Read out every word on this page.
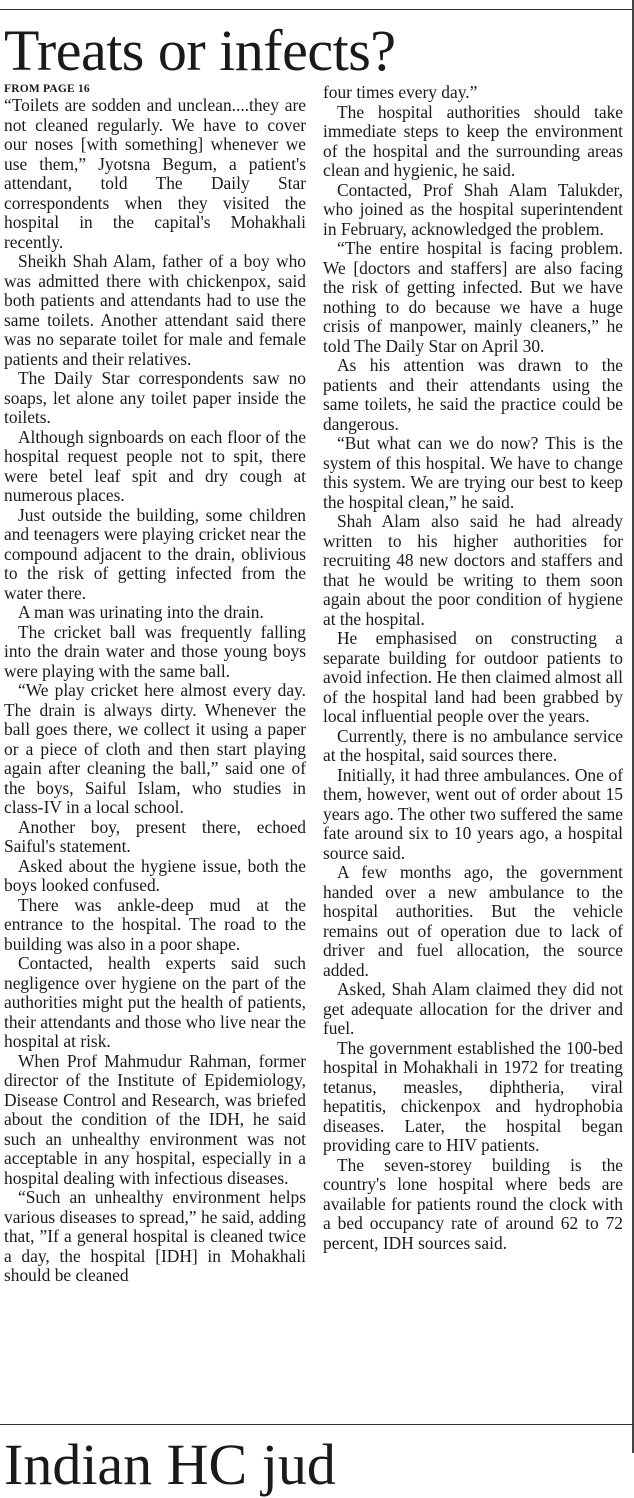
Treats or infects?
FROM PAGE 16

“Toilets are sodden and unclean....they are not cleaned regularly. We have to cover our noses [with something] whenever we use them,” Jyotsna Begum, a patient's attendant, told The Daily Star correspondents when they visited the hospital in the capital's Mohakhali recently.

Sheikh Shah Alam, father of a boy who was admitted there with chickenpox, said both patients and attendants had to use the same toilets. Another attendant said there was no separate toilet for male and female patients and their relatives.

The Daily Star correspondents saw no soaps, let alone any toilet paper inside the toilets.

Although signboards on each floor of the hospital request people not to spit, there were betel leaf spit and dry cough at numerous places.

Just outside the building, some children and teenagers were playing cricket near the compound adjacent to the drain, oblivious to the risk of getting infected from the water there.

A man was urinating into the drain.

The cricket ball was frequently falling into the drain water and those young boys were playing with the same ball.

“We play cricket here almost every day. The drain is always dirty. Whenever the ball goes there, we collect it using a paper or a piece of cloth and then start playing again after cleaning the ball,” said one of the boys, Saiful Islam, who studies in class-IV in a local school.

Another boy, present there, echoed Saiful's statement.

Asked about the hygiene issue, both the boys looked confused.

There was ankle-deep mud at the entrance to the hospital. The road to the building was also in a poor shape.

Contacted, health experts said such negligence over hygiene on the part of the authorities might put the health of patients, their attendants and those who live near the hospital at risk.

When Prof Mahmudur Rahman, former director of the Institute of Epidemiology, Disease Control and Research, was briefed about the condition of the IDH, he said such an unhealthy environment was not acceptable in any hospital, especially in a hospital dealing with infectious diseases.

“Such an unhealthy environment helps various diseases to spread,” he said, adding that, ”If a general hospital is cleaned twice a day, the hospital [IDH] in Mohakhali should be cleaned

four times every day.”

The hospital authorities should take immediate steps to keep the environment of the hospital and the surrounding areas clean and hygienic, he said.

Contacted, Prof Shah Alam Talukder, who joined as the hospital superintendent in February, acknowledged the problem.

“The entire hospital is facing problem. We [doctors and staffers] are also facing the risk of getting infected. But we have nothing to do because we have a huge crisis of manpower, mainly cleaners,” he told The Daily Star on April 30.

As his attention was drawn to the patients and their attendants using the same toilets, he said the practice could be dangerous.

“But what can we do now? This is the system of this hospital. We have to change this system. We are trying our best to keep the hospital clean,” he said.

Shah Alam also said he had already written to his higher authorities for recruiting 48 new doctors and staffers and that he would be writing to them soon again about the poor condition of hygiene at the hospital.

He emphasised on constructing a separate building for outdoor patients to avoid infection. He then claimed almost all of the hospital land had been grabbed by local influential people over the years.

Currently, there is no ambulance service at the hospital, said sources there.

Initially, it had three ambulances. One of them, however, went out of order about 15 years ago. The other two suffered the same fate around six to 10 years ago, a hospital source said.

A few months ago, the government handed over a new ambulance to the hospital authorities. But the vehicle remains out of operation due to lack of driver and fuel allocation, the source added.

Asked, Shah Alam claimed they did not get adequate allocation for the driver and fuel.

The government established the 100-bed hospital in Mohakhali in 1972 for treating tetanus, measles, diphtheria, viral hepatitis, chickenpox and hydrophobia diseases. Later, the hospital began providing care to HIV patients.

The seven-storey building is the country's lone hospital where beds are available for patients round the clock with a bed occupancy rate of around 62 to 72 percent, IDH sources said.

Indian HC jud
